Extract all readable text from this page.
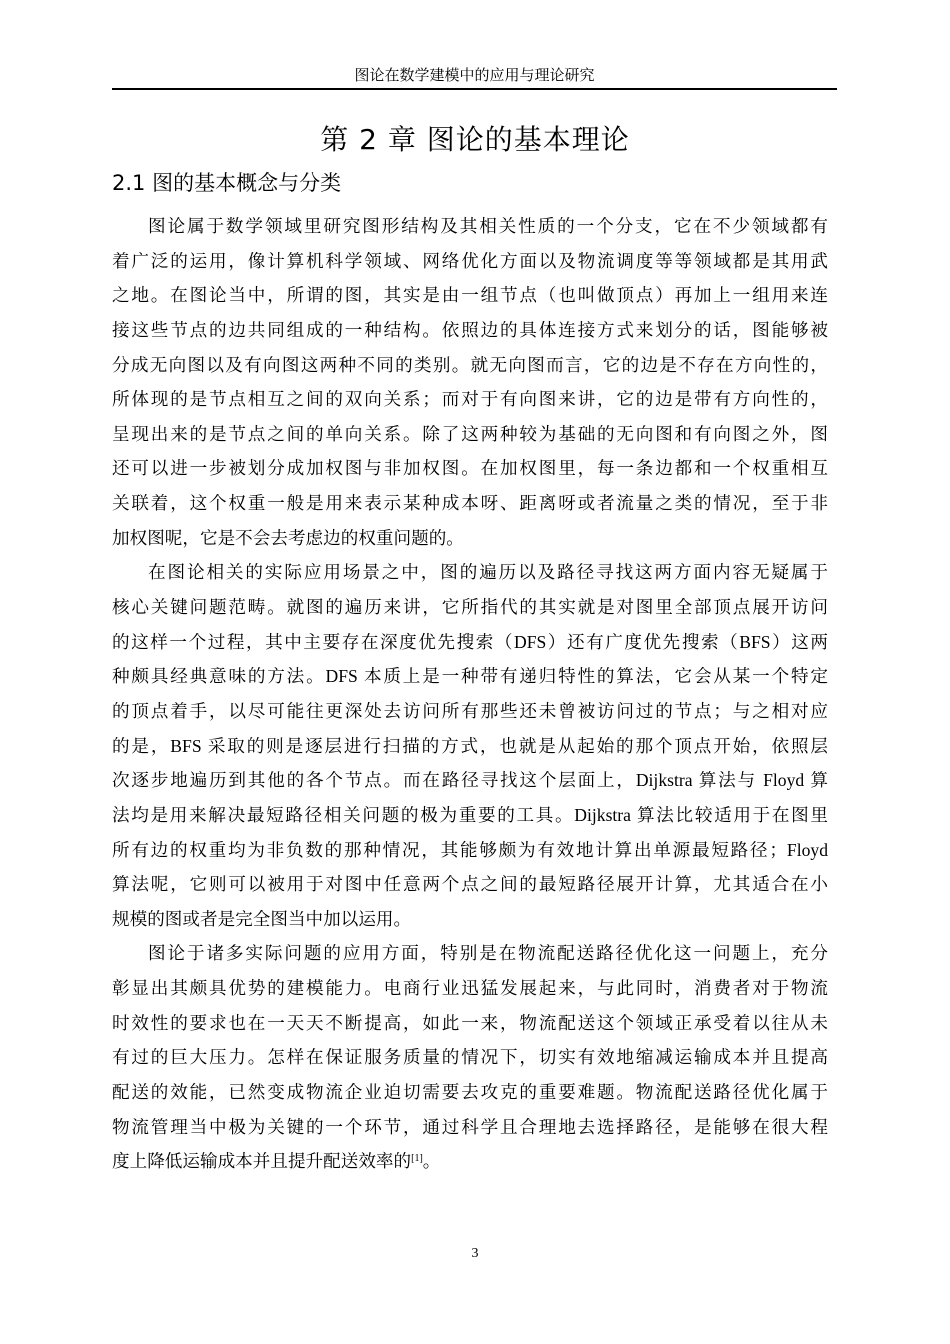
图论在数学建模中的应用与理论研究
第 2 章 图论的基本理论
2.1 图的基本概念与分类
图论属于数学领域里研究图形结构及其相关性质的一个分支，它在不少领域都有
着广泛的运用，像计算机科学领域、网络优化方面以及物流调度等等领域都是其用武
之地。在图论当中，所谓的图，其实是由一组节点（也叫做顶点）再加上一组用来连
接这些节点的边共同组成的一种结构。依照边的具体连接方式来划分的话，图能够被
分成无向图以及有向图这两种不同的类别。就无向图而言，它的边是不存在方向性的，
所体现的是节点相互之间的双向关系；而对于有向图来讲，它的边是带有方向性的，
呈现出来的是节点之间的单向关系。除了这两种较为基础的无向图和有向图之外，图
还可以进一步被划分成加权图与非加权图。在加权图里，每一条边都和一个权重相互
关联着，这个权重一般是用来表示某种成本呀、距离呀或者流量之类的情况，至于非
加权图呢，它是不会去考虑边的权重问题的。
在图论相关的实际应用场景之中，图的遍历以及路径寻找这两方面内容无疑属于
核心关键问题范畴。就图的遍历来讲，它所指代的其实就是对图里全部顶点展开访问
的这样一个过程，其中主要存在深度优先搜索（DFS）还有广度优先搜索（BFS）这两
种颇具经典意味的方法。DFS 本质上是一种带有递归特性的算法，它会从某一个特定
的顶点着手，以尽可能往更深处去访问所有那些还未曾被访问过的节点；与之相对应
的是，BFS 采取的则是逐层进行扫描的方式，也就是从起始的那个顶点开始，依照层
次逐步地遍历到其他的各个节点。而在路径寻找这个层面上，Dijkstra 算法与 Floyd 算
法均是用来解决最短路径相关问题的极为重要的工具。Dijkstra 算法比较适用于在图里
所有边的权重均为非负数的那种情况，其能够颇为有效地计算出单源最短路径；Floyd
算法呢，它则可以被用于对图中任意两个点之间的最短路径展开计算，尤其适合在小
规模的图或者是完全图当中加以运用。
图论于诸多实际问题的应用方面，特别是在物流配送路径优化这一问题上，充分
彰显出其颇具优势的建模能力。电商行业迅猛发展起来，与此同时，消费者对于物流
时效性的要求也在一天天不断提高，如此一来，物流配送这个领域正承受着以往从未
有过的巨大压力。怎样在保证服务质量的情况下，切实有效地缩减运输成本并且提高
配送的效能，已然变成物流企业迫切需要去攻克的重要难题。物流配送路径优化属于
物流管理当中极为关键的一个环节，通过科学且合理地去选择路径，是能够在很大程
度上降低运输成本并且提升配送效率的[1]。
3
